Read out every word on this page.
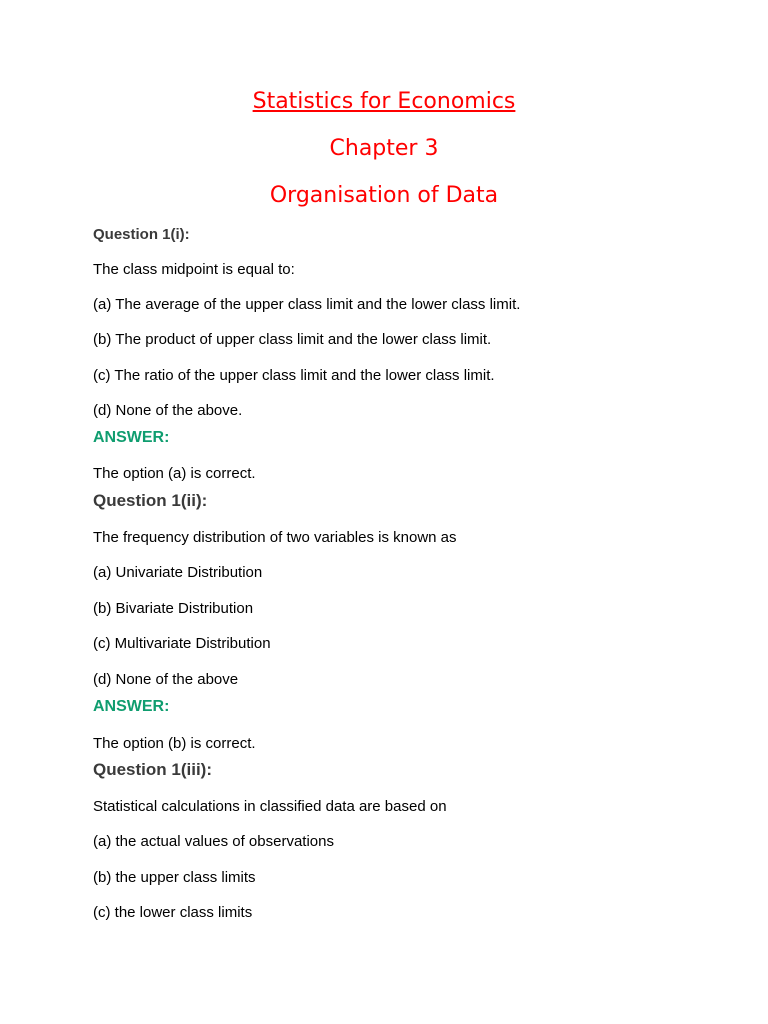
Statistics for Economics
Chapter 3
Organisation of Data
Question 1(i):
The class midpoint is equal to:
(a) The average of the upper class limit and the lower class limit.
(b) The product of upper class limit and the lower class limit.
(c) The ratio of the upper class limit and the lower class limit.
(d) None of the above.
ANSWER:
The option (a) is correct.
Question 1(ii):
The frequency distribution of two variables is known as
(a) Univariate Distribution
(b) Bivariate Distribution
(c) Multivariate Distribution
(d) None of the above
ANSWER:
The option (b) is correct.
Question 1(iii):
Statistical calculations in classified data are based on
(a) the actual values of observations
(b) the upper class limits
(c) the lower class limits
